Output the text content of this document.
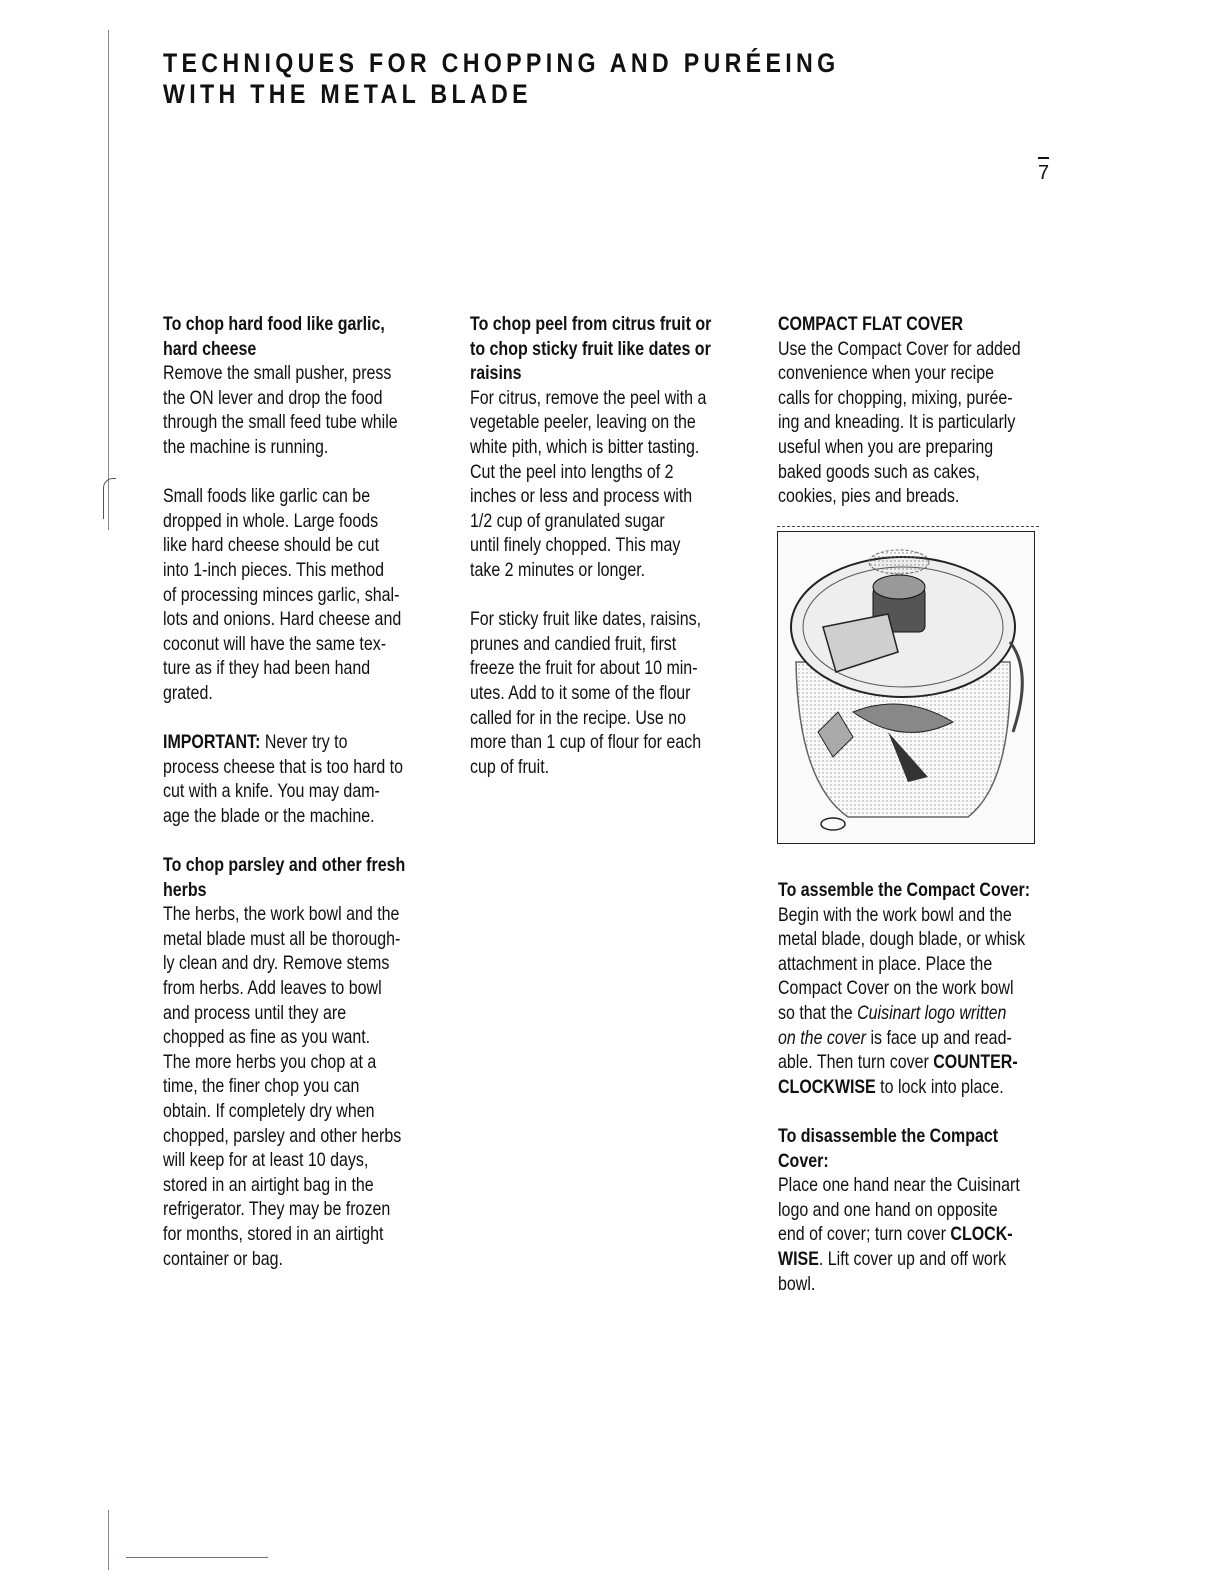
TECHNIQUES FOR CHOPPING AND PURÉEING
WITH THE METAL BLADE
7
To chop hard food like garlic,
hard cheese

Remove the small pusher, press
the ON lever and drop the food
through the small feed tube while
the machine is running.

Small foods like garlic can be
dropped in whole. Large foods
like hard cheese should be cut
into 1-inch pieces. This method
of processing minces garlic, shal-
lots and onions. Hard cheese and
coconut will have the same tex-
ture as if they had been hand
grated.

IMPORTANT: Never try to
process cheese that is too hard to
cut with a knife. You may dam-
age the blade or the machine.

To chop parsley and other fresh
herbs

The herbs, the work bowl and the
metal blade must all be thorough-
ly clean and dry. Remove stems
from herbs. Add leaves to bowl
and process until they are
chopped as fine as you want.
The more herbs you chop at a
time, the finer chop you can
obtain. If completely dry when
chopped, parsley and other herbs
will keep for at least 10 days,
stored in an airtight bag in the
refrigerator. They may be frozen
for months, stored in an airtight
container or bag.

To chop peel from citrus fruit or
to chop sticky fruit like dates or
raisins

For citrus, remove the peel with a
vegetable peeler, leaving on the
white pith, which is bitter tasting.
Cut the peel into lengths of 2
inches or less and process with
1/2 cup of granulated sugar
until finely chopped. This may
take 2 minutes or longer.

For sticky fruit like dates, raisins,
prunes and candied fruit, first
freeze the fruit for about 10 min-
utes. Add to it some of the flour
called for in the recipe. Use no
more than 1 cup of flour for each
cup of fruit.

COMPACT FLAT COVER

Use the Compact Cover for added
convenience when your recipe
calls for chopping, mixing, purée-
ing and kneading. It is particularly
useful when you are preparing
baked goods such as cakes,
cookies, pies and breads.

To assemble the Compact Cover:

Begin with the work bowl and the
metal blade, dough blade, or whisk
attachment in place. Place the
Compact Cover on the work bowl
so that the Cuisinart logo written
on the cover is face up and read-
able. Then turn cover COUNTER-
CLOCKWISE to lock into place.

To disassemble the Compact
Cover:

Place one hand near the Cuisinart
logo and one hand on opposite
end of cover; turn cover CLOCK-
WISE. Lift cover up and off work
bowl.
